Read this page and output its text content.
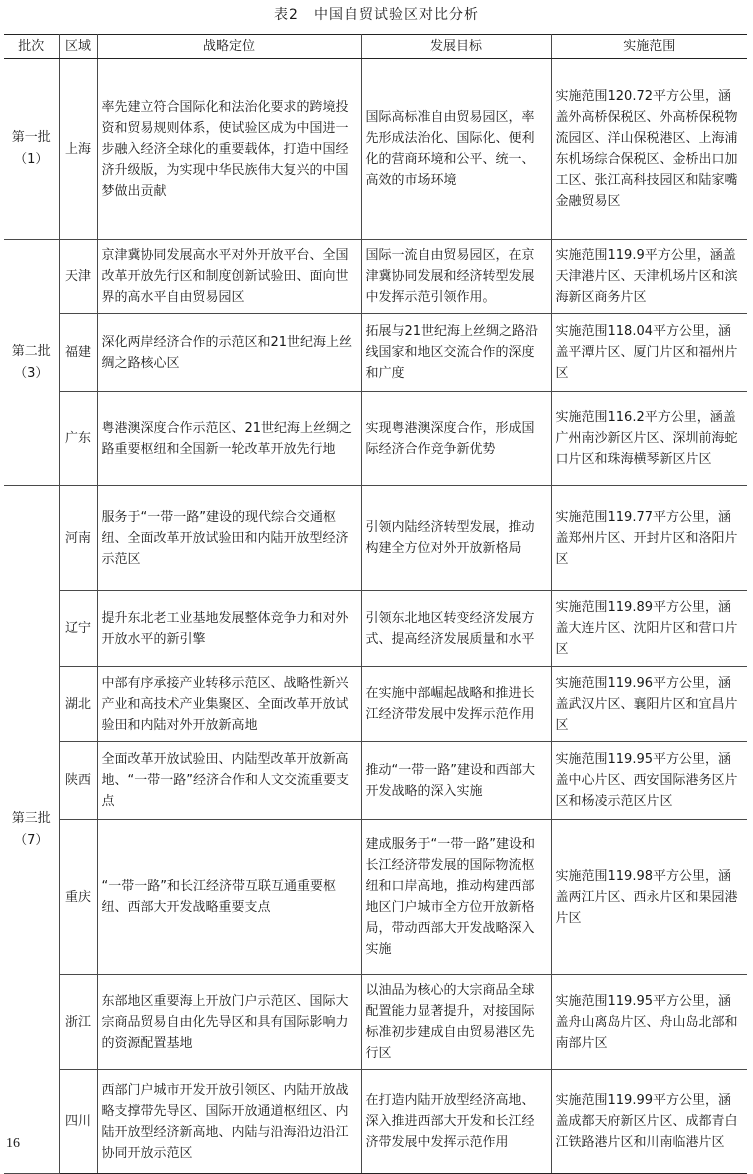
表2　中国自贸试验区对比分析
批次	区域	战略定位	发展目标	实施范围

第一批
（1）	上海	率先建立符合国际化和法治化要求的跨境投资和贸易规则体系，使试验区成为中国进一步融入经济全球化的重要载体，打造中国经济升级版，为实现中华民族伟大复兴的中国梦做出贡献	国际高标准自由贸易园区，率先形成法治化、国际化、便利化的营商环境和公平、统一、高效的市场环境	实施范围120.72平方公里，涵盖外高桥保税区、外高桥保税物流园区、洋山保税港区、上海浦东机场综合保税区、金桥出口加工区、张江高科技园区和陆家嘴金融贸易区

第二批
（3）	天津	京津冀协同发展高水平对外开放平台、全国改革开放先行区和制度创新试验田、面向世界的高水平自由贸易园区	国际一流自由贸易园区，在京津冀协同发展和经济转型发展中发挥示范引领作用。	实施范围119.9平方公里，涵盖天津港片区、天津机场片区和滨海新区商务片区
	福建	深化两岸经济合作的示范区和21世纪海上丝绸之路核心区	拓展与21世纪海上丝绸之路沿线国家和地区交流合作的深度和广度	实施范围118.04平方公里，涵盖平潭片区、厦门片区和福州片区
	广东	粤港澳深度合作示范区、21世纪海上丝绸之路重要枢纽和全国新一轮改革开放先行地	实现粤港澳深度合作，形成国际经济合作竞争新优势	实施范围116.2平方公里，涵盖广州南沙新区片区、深圳前海蛇口片区和珠海横琴新区片区

第三批
（7）	河南	服务于“一带一路”建设的现代综合交通枢纽、全面改革开放试验田和内陆开放型经济示范区	引领内陆经济转型发展，推动构建全方位对外开放新格局	实施范围119.77平方公里，涵盖郑州片区、开封片区和洛阳片区
	辽宁	提升东北老工业基地发展整体竞争力和对外开放水平的新引擎	引领东北地区转变经济发展方式、提高经济发展质量和水平	实施范围119.89平方公里，涵盖大连片区、沈阳片区和营口片区
	湖北	中部有序承接产业转移示范区、战略性新兴产业和高技术产业集聚区、全面改革开放试验田和内陆对外开放新高地	在实施中部崛起战略和推进长江经济带发展中发挥示范作用	实施范围119.96平方公里，涵盖武汉片区、襄阳片区和宜昌片区
	陕西	全面改革开放试验田、内陆型改革开放新高地、“一带一路”经济合作和人文交流重要支点	推动“一带一路”建设和西部大开发战略的深入实施	实施范围119.95平方公里，涵盖中心片区、西安国际港务区片区和杨凌示范区片区
	重庆	“一带一路”和长江经济带互联互通重要枢纽、西部大开发战略重要支点	建成服务于“一带一路”建设和长江经济带发展的国际物流枢纽和口岸高地，推动构建西部地区门户城市全方位开放新格局，带动西部大开发战略深入实施	实施范围119.98平方公里，涵盖两江片区、西永片区和果园港片区
	浙江	东部地区重要海上开放门户示范区、国际大宗商品贸易自由化先导区和具有国际影响力的资源配置基地	以油品为核心的大宗商品全球配置能力显著提升，对接国际标准初步建成自由贸易港区先行区	实施范围119.95平方公里，涵盖舟山离岛片区、舟山岛北部和南部片区
	四川	西部门户城市开发开放引领区、内陆开放战略支撑带先导区、国际开放通道枢纽区、内陆开放型经济新高地、内陆与沿海沿边沿江协同开放示范区	在打造内陆开放型经济高地、深入推进西部大开发和长江经济带发展中发挥示范作用	实施范围119.99平方公里，涵盖成都天府新区片区、成都青白江铁路港片区和川南临港片区
16
